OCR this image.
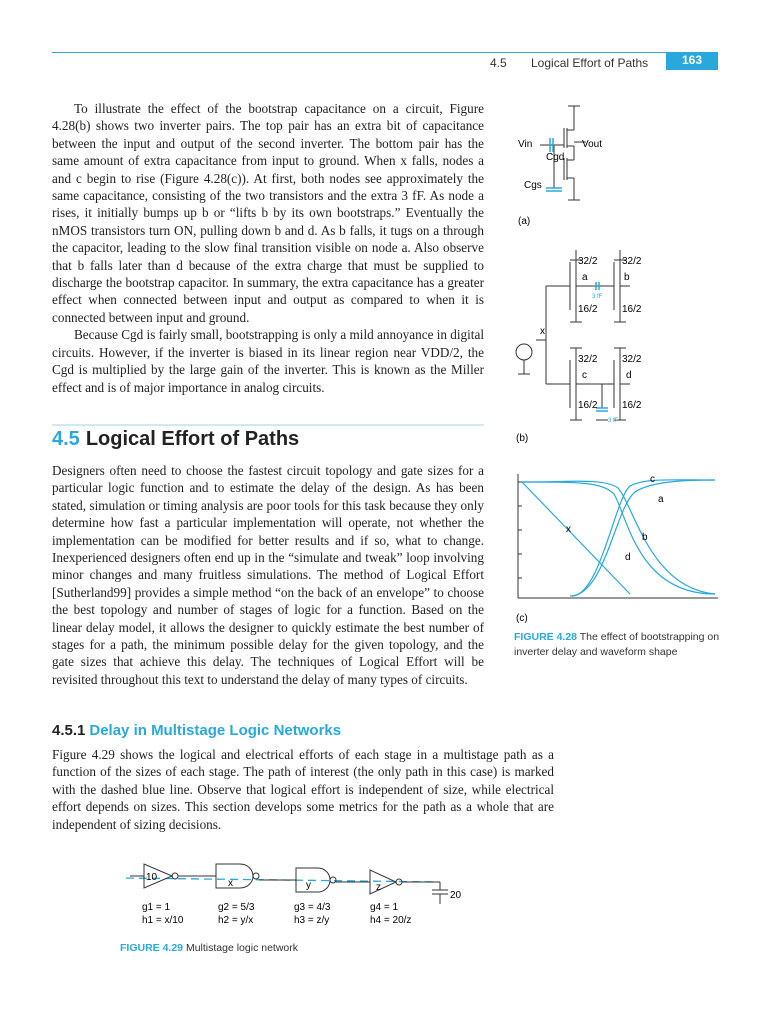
4.5 Logical Effort of Paths	163

To illustrate the effect of the bootstrap capacitance on a circuit, Figure 4.28(b) shows two inverter pairs. The top pair has an extra bit of capacitance between the input and output of the second inverter. The bottom pair has the same amount of extra capacitance from input to ground. When x falls, nodes a and c begin to rise (Figure 4.28(c)). At first, both nodes see approximately the same capacitance, consisting of the two transistors and the extra 3 fF. As node a rises, it initially bumps up b or “lifts b by its own bootstraps.” Eventually the nMOS transistors turn ON, pulling down b and d. As b falls, it tugs on a through the capacitor, leading to the slow final transition visible on node a. Also observe that b falls later than d because of the extra charge that must be supplied to discharge the bootstrap capacitor. In summary, the extra capacitance has a greater effect when connected between input and output as compared to when it is connected between input and ground.

Because Cgd is fairly small, bootstrapping is only a mild annoyance in digital circuits. However, if the inverter is biased in its linear region near VDD/2, the Cgd is multiplied by the large gain of the inverter. This is known as the Miller effect and is of major importance in analog circuits.

4.5 Logical Effort of Paths

Designers often need to choose the fastest circuit topology and gate sizes for a particular logic function and to estimate the delay of the design. As has been stated, simulation or timing analysis are poor tools for this task because they only determine how fast a particular implementation will operate, not whether the implementation can be modified for better results and if so, what to change. Inexperienced designers often end up in the “simulate and tweak” loop involving minor changes and many fruitless simulations. The method of Logical Effort [Sutherland99] provides a simple method “on the back of an envelope” to choose the best topology and number of stages of logic for a function. Based on the linear delay model, it allows the designer to quickly estimate the best number of stages for a path, the minimum possible delay for the given topology, and the gate sizes that achieve this delay. The techniques of Logical Effort will be revisited throughout this text to understand the delay of many types of circuits.

4.5.1 Delay in Multistage Logic Networks

Figure 4.29 shows the logical and electrical efforts of each stage in a multistage path as a function of the sizes of each stage. The path of interest (the only path in this case) is marked with the dashed blue line. Observe that logical effort is independent of size, while electrical effort depends on sizes. This section develops some metrics for the path as a whole that are independent of sizing decisions.

Vin	Vout
Cgd
Cgs
(a)
32/2 32/2
16/2 16/2
a	b
3 fF
x
32/2 32/2
c	d
16/2 16/2
3 fF
(b)
c
a
x
b
d
(c)
FIGURE 4.28 The effect of bootstrapping on inverter delay and waveform shape
10
x	y	z
20
g1 = 1
h1 = x/10
g2 = 5/3
h2 = y/x
g3 = 4/3
h3 = z/y
g4 = 1
h4 = 20/z
FIGURE 4.29 Multistage logic network
